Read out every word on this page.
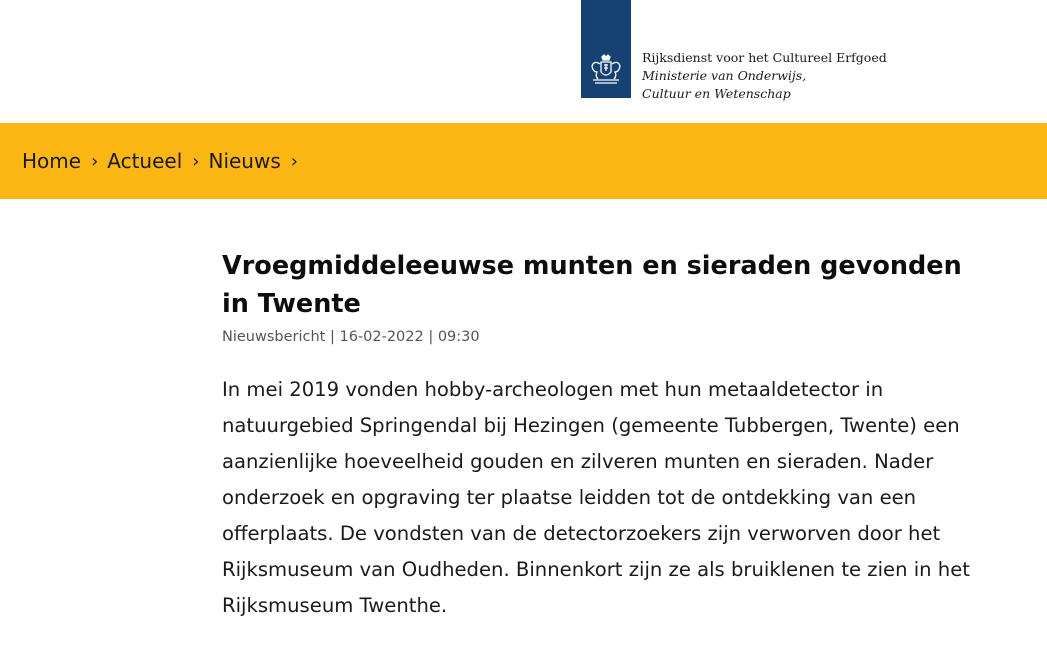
Rijksdienst voor het Cultureel Erfgoed

Ministerie van Onderwijs, Cultuur en Wetenschap
Home › Actueel › Nieuws ›
Vroegmiddeleeuwse munten en sieraden gevonden in Twente
Nieuwsbericht | 16-02-2022 | 09:30

In mei 2019 vonden hobby-archeologen met hun metaaldetector in natuurgebied Springendal bij Hezingen (gemeente Tubbergen, Twente) een aanzienlijke hoeveelheid gouden en zilveren munten en sieraden. Nader onderzoek en opgraving ter plaatse leidden tot de ontdekking van een offerplaats. De vondsten van de detectorzoekers zijn verworven door het Rijksmuseum van Oudheden. Binnenkort zijn ze als bruiklenen te zien in het Rijksmuseum Twenthe.
